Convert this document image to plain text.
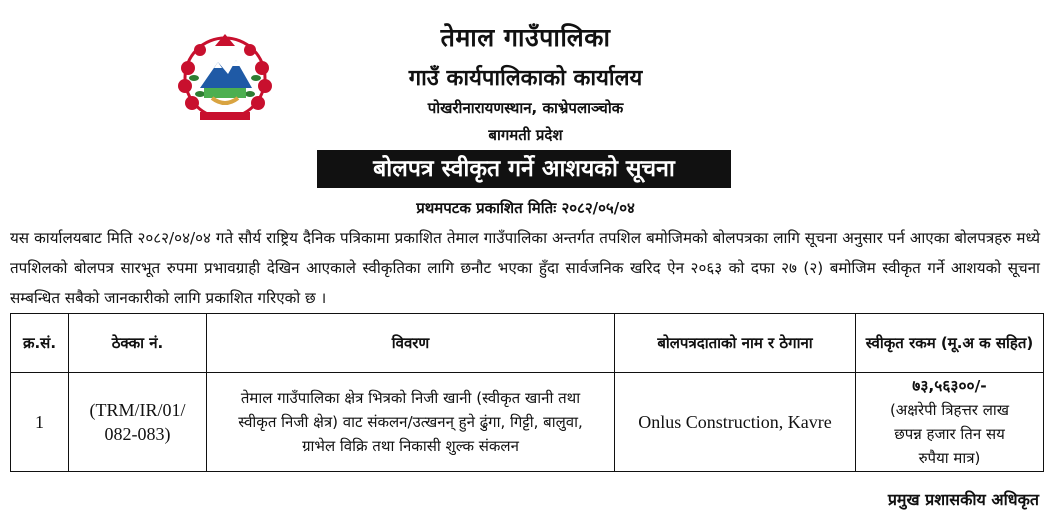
तेमाल गाउँपालिका
गाउँ कार्यपालिकाको कार्यालय
पोखरीनारायणस्थान, काभ्रेपलाञ्चोक
बागमती प्रदेश
बोलपत्र स्वीकृत गर्ने आशयको सूचना
प्रथमपटक प्रकाशित मितिः २०८२/०५/०४
यस कार्यालयबाट मिति २०८२/०४/०४ गते सौर्य राष्ट्रिय दैनिक पत्रिकामा प्रकाशित तेमाल गाउँपालिका अन्तर्गत तपशिल बमोजिमको बोलपत्रका लागि सूचना अनुसार पर्न आएका बोलपत्रहरु मध्ये तपशिलको बोलपत्र सारभूत रुपमा प्रभावग्राही देखिन आएकाले स्वीकृतिका लागि छनौट भएका हुँदा सार्वजनिक खरिद ऐन २०६३ को दफा २७ (२) बमोजिम स्वीकृत गर्ने आशयको सूचना सम्बन्धित सबैको जानकारीको लागि प्रकाशित गरिएको छ ।
क्र.सं.	ठेक्का नं.	विवरण	बोलपत्रदाताको नाम र ठेगाना	स्वीकृत रकम (मू.अ क सहित)
1	(TRM/IR/01/ 082-083)	तेमाल गाउँपालिका क्षेत्र भित्रको निजी खानी (स्वीकृत खानी तथा स्वीकृत निजी क्षेत्र) वाट संकलन/उत्खनन् हुने ढुंगा, गिट्टी, बालुवा, ग्राभेल विक्रि तथा निकासी शुल्क संकलन	Onlus Construction, Kavre	७३,५६३००/-
(अक्षरेपी त्रिहत्तर लाख छपन्न हजार तिन सय रुपैया मात्र)
प्रमुख प्रशासकीय अधिकृत
